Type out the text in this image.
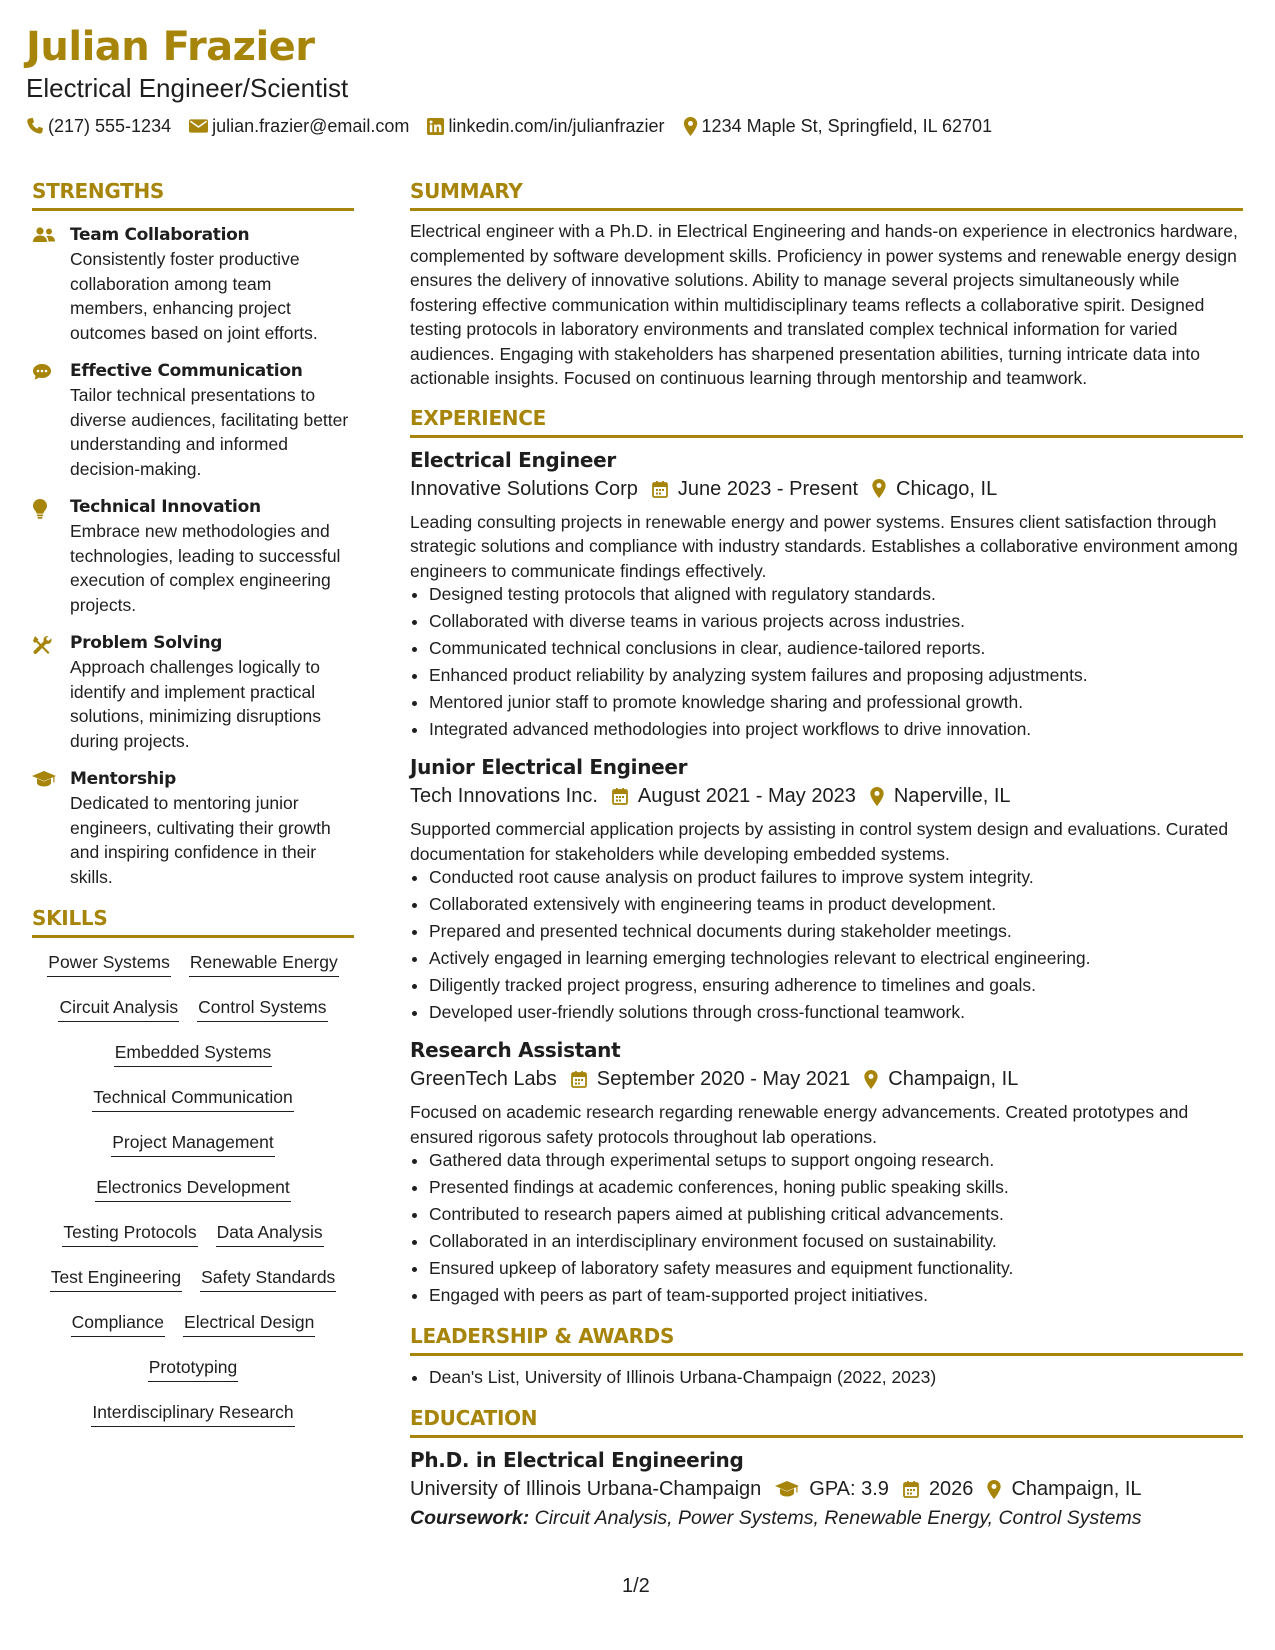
Julian Frazier
Electrical Engineer/Scientist
(217) 555-1234 julian.frazier@email.com linkedin.com/in/julianfrazier 1234 Maple St, Springfield, IL 62701
STRENGTHS
Team Collaboration
Consistently foster productive collaboration among team members, enhancing project outcomes based on joint efforts.
Effective Communication
Tailor technical presentations to diverse audiences, facilitating better understanding and informed decision-making.
Technical Innovation
Embrace new methodologies and technologies, leading to successful execution of complex engineering projects.
Problem Solving
Approach challenges logically to identify and implement practical solutions, minimizing disruptions during projects.
Mentorship
Dedicated to mentoring junior engineers, cultivating their growth and inspiring confidence in their skills.
SKILLS
Power Systems Renewable Energy
Circuit Analysis Control Systems
Embedded Systems
Technical Communication
Project Management
Electronics Development
Testing Protocols Data Analysis
Test Engineering Safety Standards
Compliance Electrical Design
Prototyping
Interdisciplinary Research
SUMMARY
Electrical engineer with a Ph.D. in Electrical Engineering and hands-on experience in electronics hardware, complemented by software development skills. Proficiency in power systems and renewable energy design ensures the delivery of innovative solutions. Ability to manage several projects simultaneously while fostering effective communication within multidisciplinary teams reflects a collaborative spirit. Designed testing protocols in laboratory environments and translated complex technical information for varied audiences. Engaging with stakeholders has sharpened presentation abilities, turning intricate data into actionable insights. Focused on continuous learning through mentorship and teamwork.
EXPERIENCE
Electrical Engineer
Innovative Solutions Corp June 2023 - Present Chicago, IL
Leading consulting projects in renewable energy and power systems. Ensures client satisfaction through strategic solutions and compliance with industry standards. Establishes a collaborative environment among engineers to communicate findings effectively.
• Designed testing protocols that aligned with regulatory standards.
• Collaborated with diverse teams in various projects across industries.
• Communicated technical conclusions in clear, audience-tailored reports.
• Enhanced product reliability by analyzing system failures and proposing adjustments.
• Mentored junior staff to promote knowledge sharing and professional growth.
• Integrated advanced methodologies into project workflows to drive innovation.
Junior Electrical Engineer
Tech Innovations Inc. August 2021 - May 2023 Naperville, IL
Supported commercial application projects by assisting in control system design and evaluations. Curated documentation for stakeholders while developing embedded systems.
• Conducted root cause analysis on product failures to improve system integrity.
• Collaborated extensively with engineering teams in product development.
• Prepared and presented technical documents during stakeholder meetings.
• Actively engaged in learning emerging technologies relevant to electrical engineering.
• Diligently tracked project progress, ensuring adherence to timelines and goals.
• Developed user-friendly solutions through cross-functional teamwork.
Research Assistant
GreenTech Labs September 2020 - May 2021 Champaign, IL
Focused on academic research regarding renewable energy advancements. Created prototypes and ensured rigorous safety protocols throughout lab operations.
• Gathered data through experimental setups to support ongoing research.
• Presented findings at academic conferences, honing public speaking skills.
• Contributed to research papers aimed at publishing critical advancements.
• Collaborated in an interdisciplinary environment focused on sustainability.
• Ensured upkeep of laboratory safety measures and equipment functionality.
• Engaged with peers as part of team-supported project initiatives.
LEADERSHIP & AWARDS
• Dean's List, University of Illinois Urbana-Champaign (2022, 2023)
EDUCATION
Ph.D. in Electrical Engineering
University of Illinois Urbana-Champaign GPA: 3.9 2026 Champaign, IL
Coursework: Circuit Analysis, Power Systems, Renewable Energy, Control Systems
1/2
